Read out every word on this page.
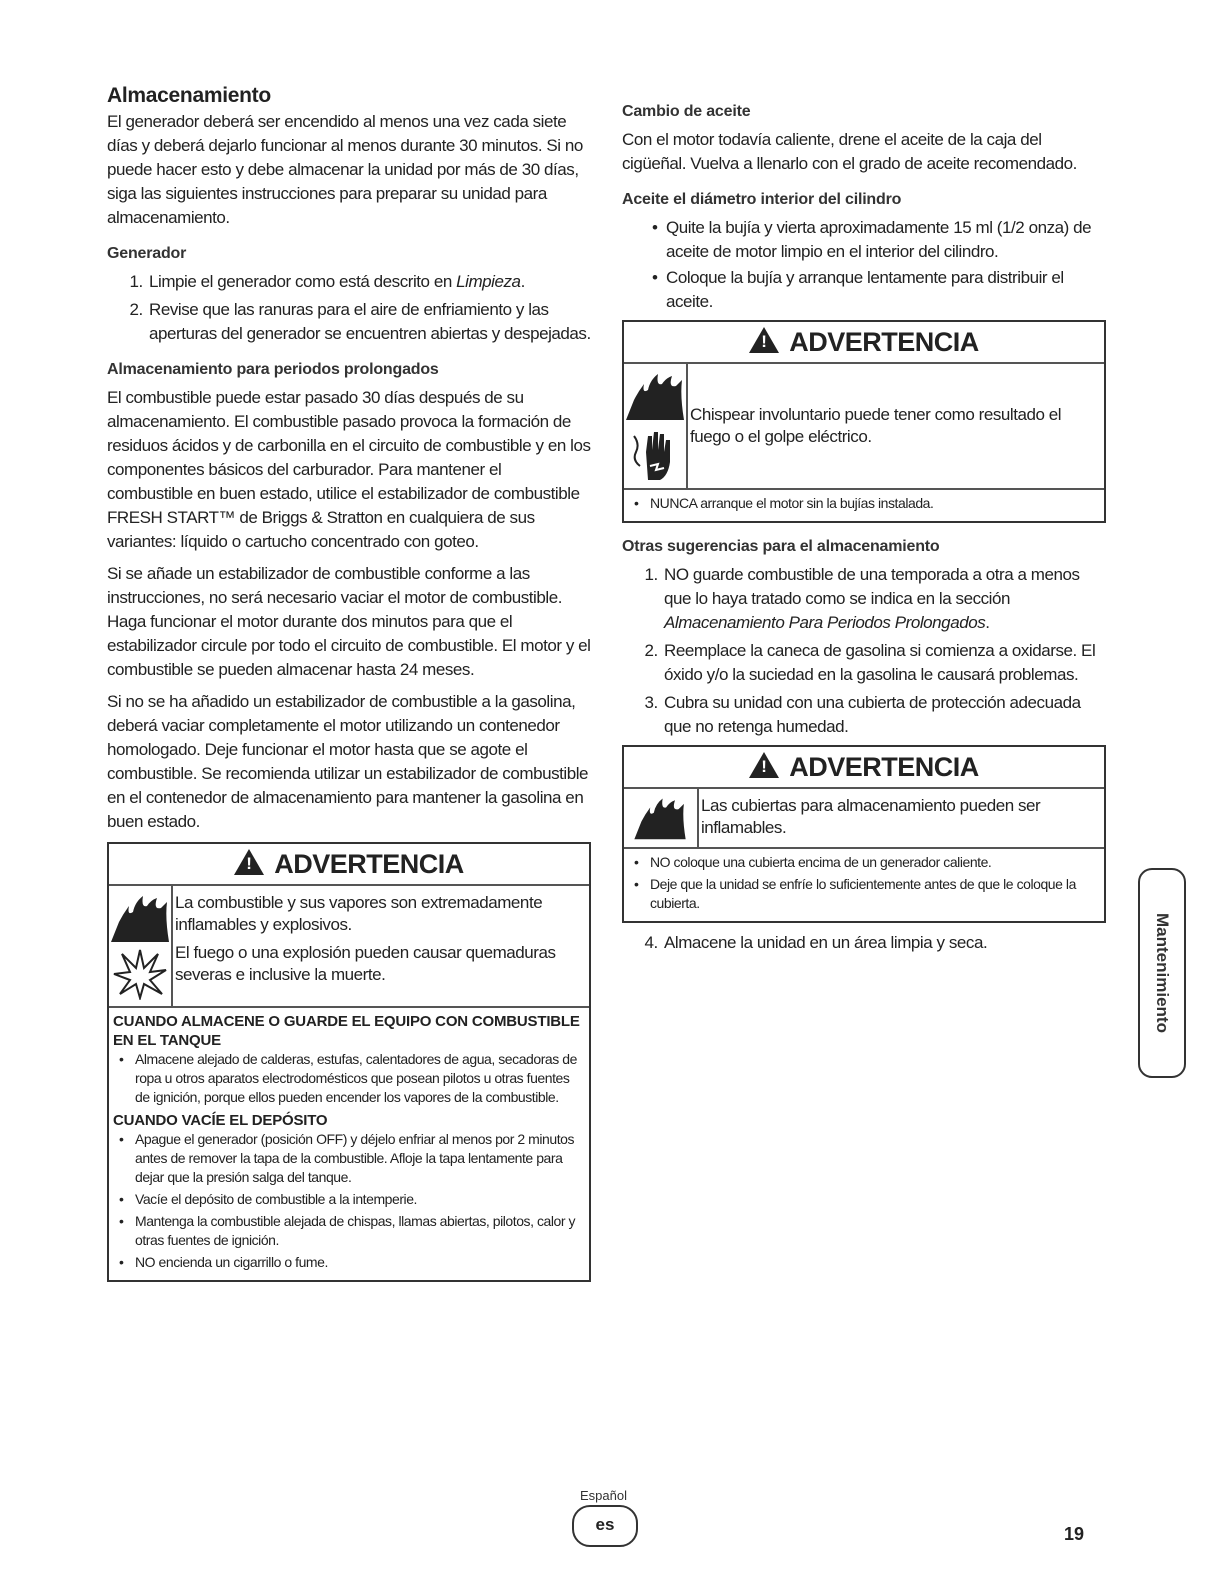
Almacenamiento

El generador deberá ser encendido al menos una vez cada siete días y deberá dejarlo funcionar al menos durante 30 minutos. Si no puede hacer esto y debe almacenar la unidad por más de 30 días, siga las siguientes instrucciones para preparar su unidad para almacenamiento.

Generador
1. Limpie el generador como está descrito en Limpieza.
2. Revise que las ranuras para el aire de enfriamiento y las aperturas del generador se encuentren abiertas y despejadas.
Almacenamiento para periodos prolongados

El combustible puede estar pasado 30 días después de su almacenamiento. El combustible pasado provoca la formación de residuos ácidos y de carbonilla en el circuito de combustible y en los componentes básicos del carburador. Para mantener el combustible en buen estado, utilice el estabilizador de combustible FRESH START™ de Briggs & Stratton en cualquiera de sus variantes: líquido o cartucho concentrado con goteo.

Si se añade un estabilizador de combustible conforme a las instrucciones, no será necesario vaciar el motor de combustible. Haga funcionar el motor durante dos minutos para que el estabilizador circule por todo el circuito de combustible. El motor y el combustible se pueden almacenar hasta 24 meses.

Si no se ha añadido un estabilizador de combustible a la gasolina, deberá vaciar completamente el motor utilizando un contenedor homologado. Deje funcionar el motor hasta que se agote el combustible. Se recomienda utilizar un estabilizador de combustible en el contenedor de almacenamiento para mantener la gasolina en buen estado.

!ADVERTENCIA

La combustible y sus vapores son extremadamente inflamables y explosivos.

El fuego o una explosión pueden causar quemaduras severas e inclusive la muerte.

CUANDO ALMACENE O GUARDE EL EQUIPO CON COMBUSTIBLE EN EL TANQUE
• Almacene alejado de calderas, estufas, calentadores de agua, secadoras de ropa u otros aparatos electrodomésticos que posean pilotos u otras fuentes de ignición, porque ellos pueden encender los vapores de la combustible.
CUANDO VACÍE EL DEPÓSITO
• Apague el generador (posición OFF) y déjelo enfriar al menos por 2 minutos antes de remover la tapa de la combustible. Afloje la tapa lentamente para dejar que la presión salga del tanque.
• Vacíe el depósito de combustible a la intemperie.
• Mantenga la combustible alejada de chispas, llamas abiertas, pilotos, calor y otras fuentes de ignición.
• NO encienda un cigarrillo o fume.
Cambio de aceite

Con el motor todavía caliente, drene el aceite de la caja del cigüeñal. Vuelva a llenarlo con el grado de aceite recomendado.

Aceite el diámetro interior del cilindro
• Quite la bujía y vierta aproximadamente 15 ml (1/2 onza) de aceite de motor limpio en el interior del cilindro.
• Coloque la bujía y arranque lentamente para distribuir el aceite.
!ADVERTENCIA
Chispear involuntario puede tener como resultado el fuego o el golpe eléctrico.
• NUNCA arranque el motor sin la bujías instalada.
Otras sugerencias para el almacenamiento
1. NO guarde combustible de una temporada a otra a menos que lo haya tratado como se indica en la sección Almacenamiento Para Periodos Prolongados.
2. Reemplace la caneca de gasolina si comienza a oxidarse. El óxido y/o la suciedad en la gasolina le causará problemas.
3. Cubra su unidad con una cubierta de protección adecuada que no retenga humedad.
!ADVERTENCIA
Las cubiertas para almacenamiento pueden ser inflamables.
• NO coloque una cubierta encima de un generador caliente.
• Deje que la unidad se enfríe lo suficientemente antes de que le coloque la cubierta.
4. Almacene la unidad en un área limpia y seca.	Mantenimiento
Español
es	19
